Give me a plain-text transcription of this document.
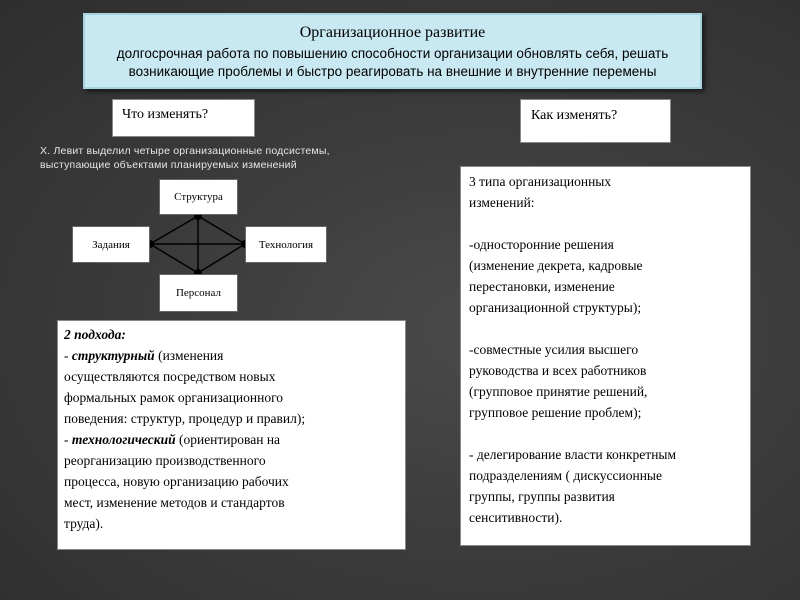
Организационное развитие
долгосрочная работа по повышению способности организации обновлять себя, решать
возникающие проблемы и быстро реагировать на внешние и внутренние перемены
Что изменять?	Как изменять?
Х. Левит выделил четыре организационные подсистемы,
выступающие объектами планируемых изменений
Структура
Задания	Технология
Персонал

2 подхода:

- структурный (изменения

осуществляются посредством новых

формальных рамок организационного

поведения: структур, процедур и правил);

- технологический (ориентирован на

реорганизацию производственного

процесса, новую организацию рабочих

мест, изменение методов и стандартов

труда).

3 типа организационных

изменений:

-односторонние решения

(изменение декрета, кадровые

перестановки, изменение

организационной структуры);

-совместные усилия высшего

руководства и всех работников

(групповое принятие решений,

групповое решение проблем);

- делегирование власти конкретным

подразделениям ( дискуссионные

группы, группы развития

сенситивности).
